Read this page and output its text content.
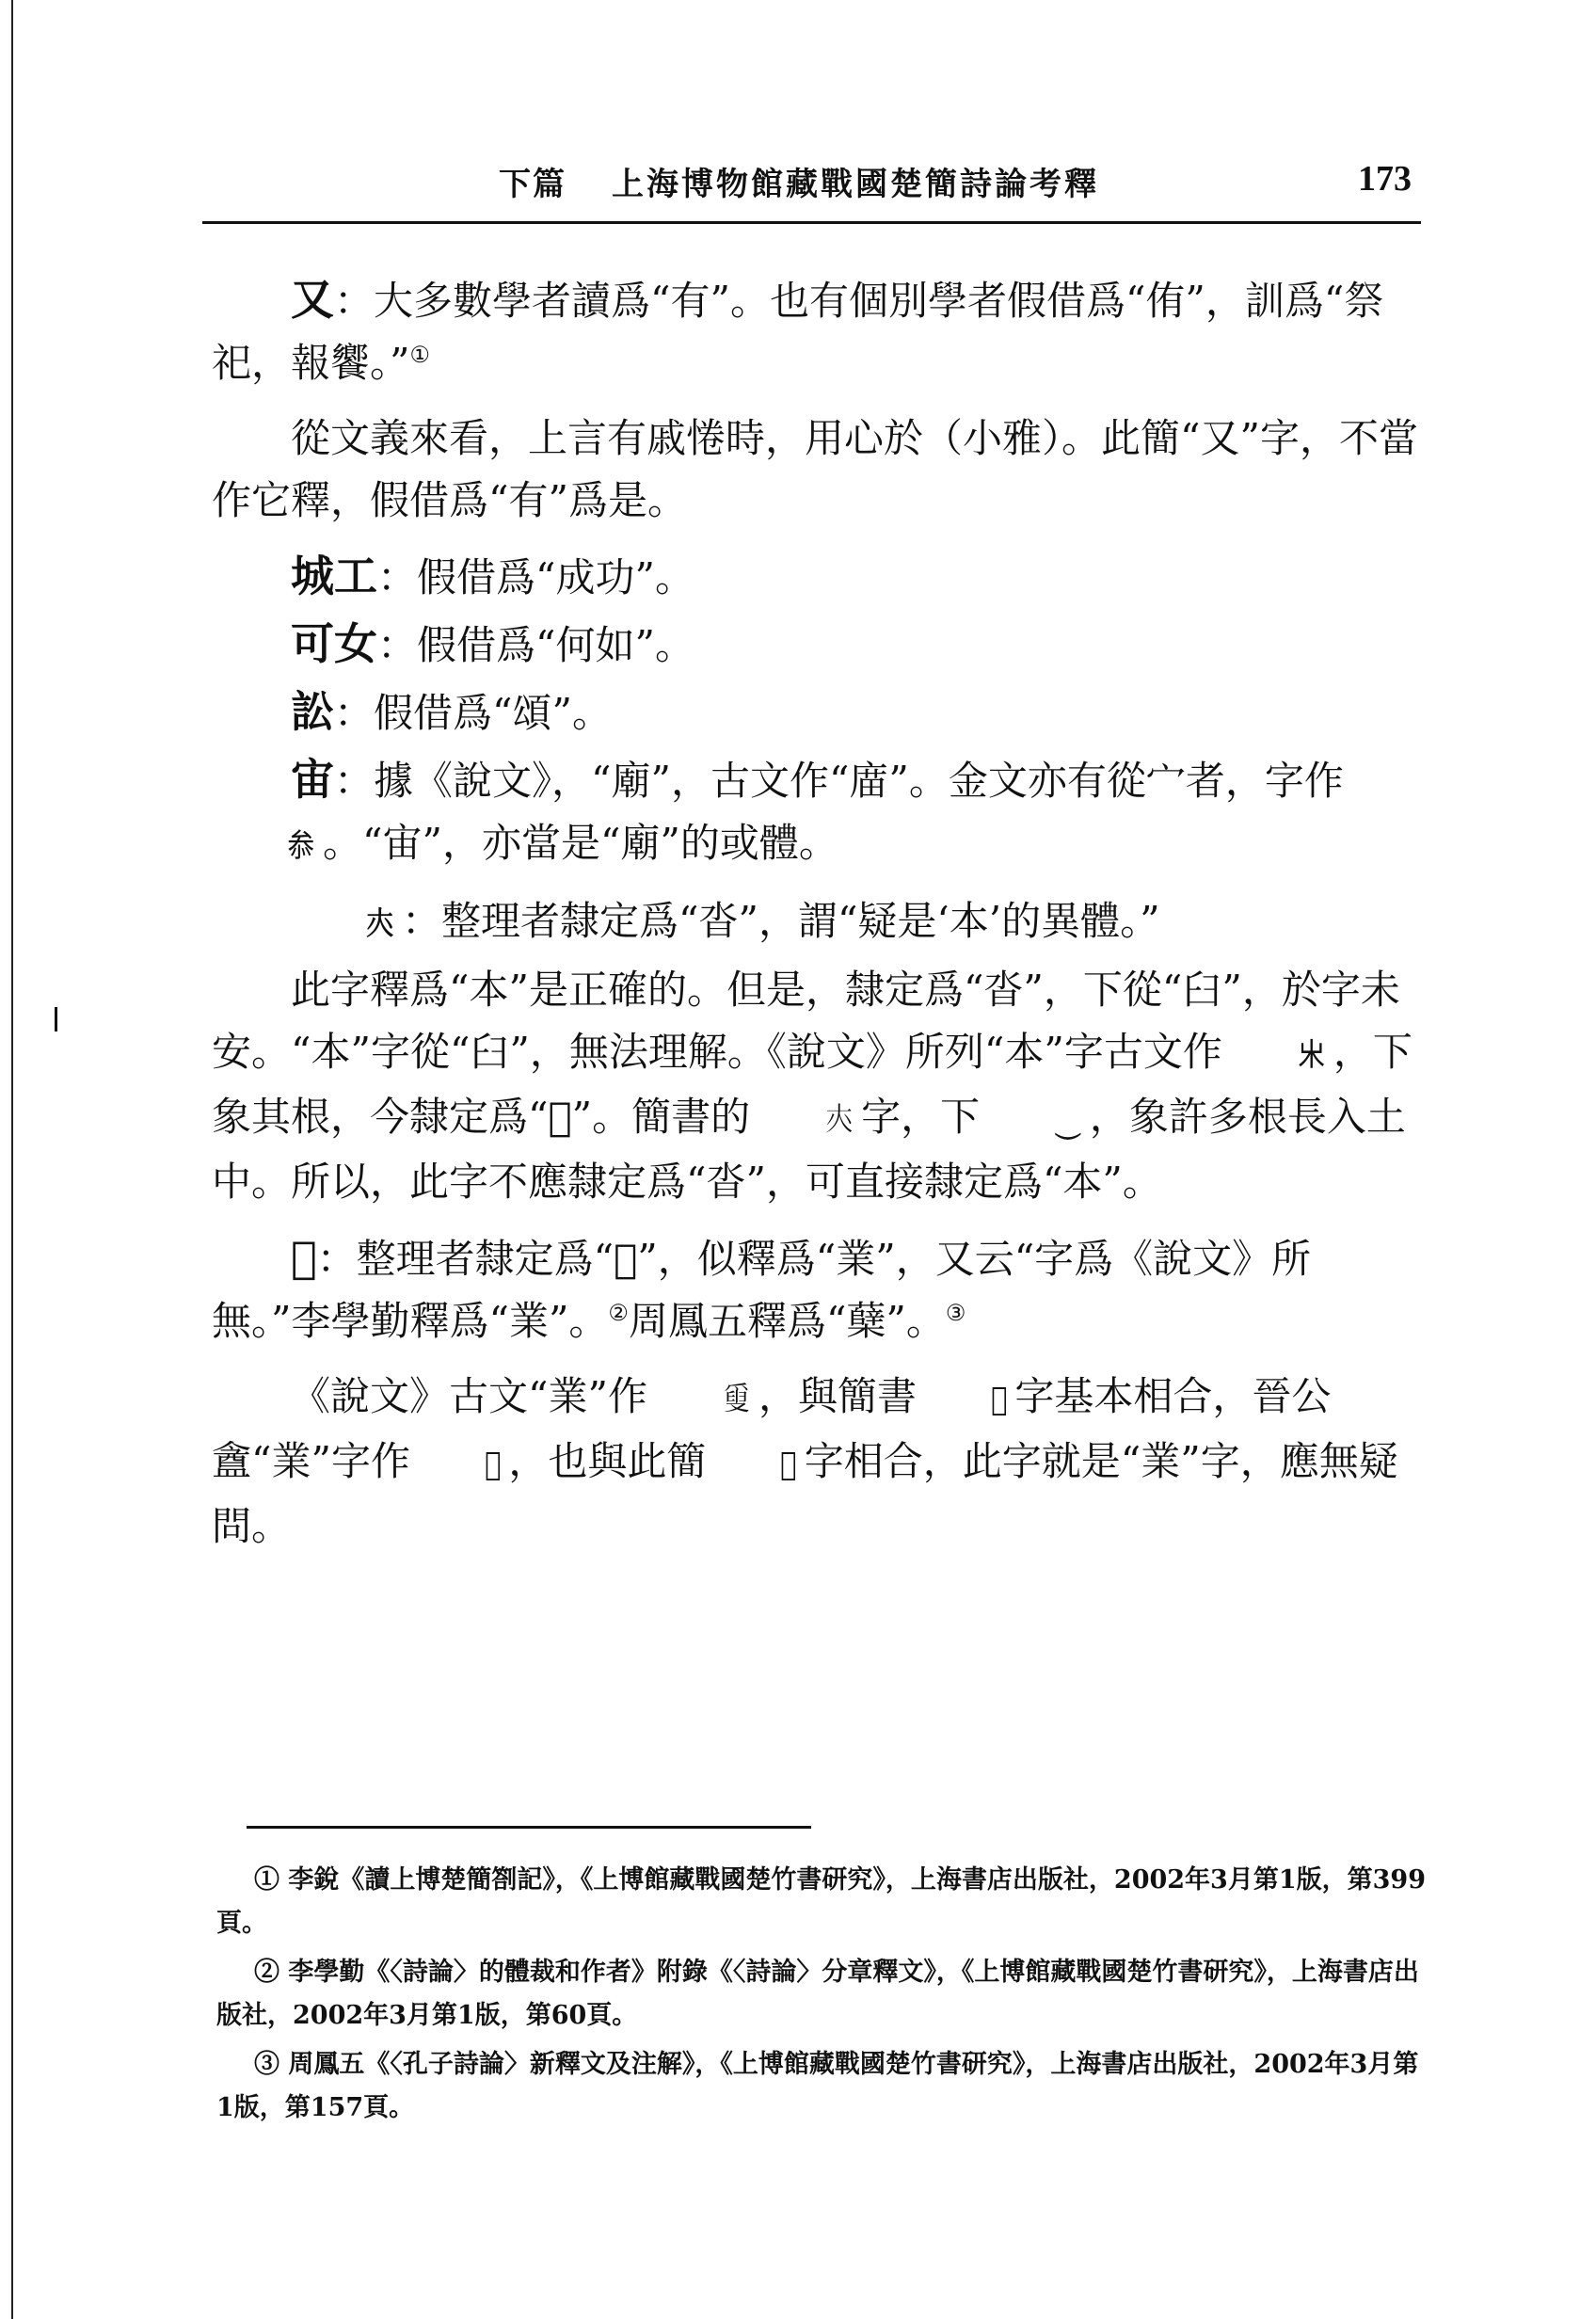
下篇 上海博物館藏戰國楚簡詩論考釋	173

又：大多數學者讀爲“有”。也有個別學者假借爲“侑”，訓爲“祭祀，報饗。”①

從文義來看，上言有戚惓時，用心於（小雅）。此簡“又”字，不當作它釋，假借爲“有”爲是。

城工：假借爲“成功”。

可女：假借爲“何如”。

訟：假借爲“頌”。

宙：據《說文》，“廟”，古文作“庿”。金文亦有從宀者，字作𠫵 。“宙”，亦當是“廟”的或體。

𡗕 ：整理者隸定爲“沓”，謂“疑是‘本’的異體。”

此字釋爲“本”是正確的。但是，隸定爲“沓”，下從“臼”，於字未安。“本”字從“臼”，無法理解。《說文》所列“本”字古文作 𣎵 ，下象其根，今隸定爲“𣐥”。簡書的 𡗕 字，下 ⏝ ，象許多根長入土中。所以，此字不應隸定爲“沓”，可直接隸定爲“本”。

𦎫：整理者隸定爲“𦎫”，似釋爲“業”，又云“字爲《說文》所無。”李學勤釋爲“業”。②周鳳五釋爲“蘖”。③

《說文》古文“業”作 𤔣 ，與簡書 𦎫 字基本相合，晉公盦“業”字作 𦎫 ，也與此簡 𦎫 字相合，此字就是“業”字，應無疑問。

① 李銳《讀上博楚簡劄記》，《上博館藏戰國楚竹書研究》，上海書店出版社，2002年3月第1版，第399頁。

② 李學勤《〈詩論〉的體裁和作者》附錄《〈詩論〉分章釋文》，《上博館藏戰國楚竹書研究》，上海書店出版社，2002年3月第1版，第60頁。

③ 周鳳五《〈孔子詩論〉新釋文及注解》，《上博館藏戰國楚竹書研究》，上海書店出版社，2002年3月第1版，第157頁。
